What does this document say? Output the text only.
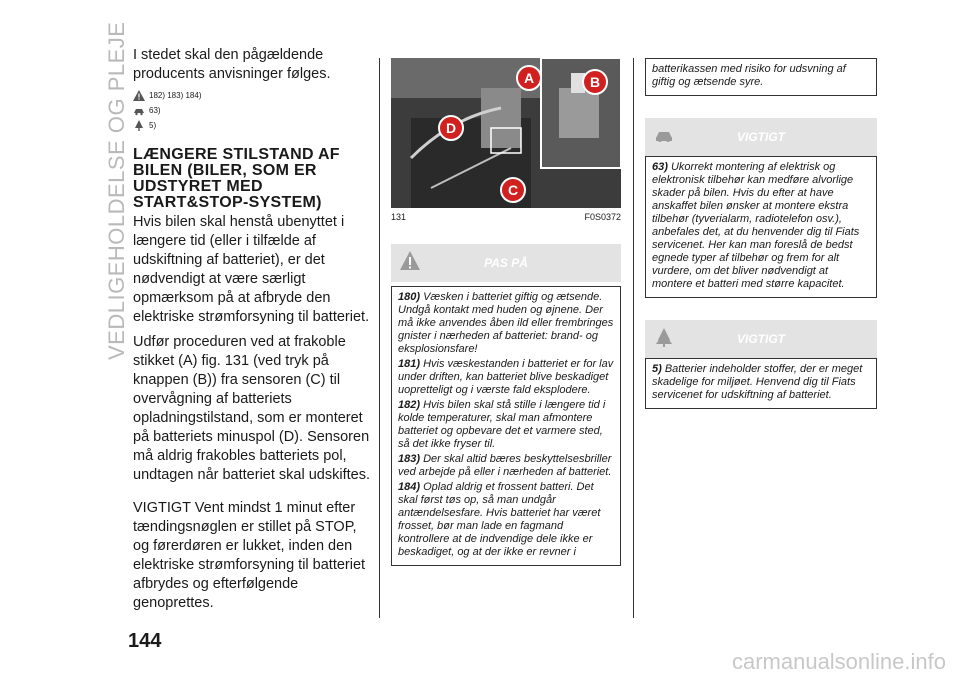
VEDLIGEHOLDELSE OG PLEJE I stedet skal den pågældende producents anvisninger følges.

182) 183) 184)
63)
5)
LÆNGERE STILSTAND AF BILEN (BILER, SOM ER UDSTYRET MED START&STOP-SYSTEM)

Hvis bilen skal henstå ubenyttet i længere tid (eller i tilfælde af udskiftning af batteriet), er det nødvendigt at være særligt opmærksom på at afbryde den elektriske strømforsyning til batteriet.

Udfør proceduren ved at frakoble stikket (A) fig. 131 (ved tryk på knappen (B)) fra sensoren (C) til overvågning af batteriets opladningstilstand, som er monteret på batteriets minuspol (D). Sensoren må aldrig frakobles batteriets pol, undtagen når batteriet skal udskiftes.

VIGTIGT Vent mindst 1 minut efter tændingsnøglen er stillet på STOP, og førerdøren er lukket, inden den elektriske strømforsyning til batteriet afbrydes og efterfølgende genoprettes.

A	B
C
D
131	F0S0372
PAS PÅ

180) Væsken i batteriet giftig og ætsende. Undgå kontakt med huden og øjnene. Der må ikke anvendes åben ild eller frembringes gnister i nærheden af batteriet: brand- og eksplosionsfare!

181) Hvis væskestanden i batteriet er for lav under driften, kan batteriet blive beskadiget uopretteligt og i værste fald eksplodere.

182) Hvis bilen skal stå stille i længere tid i kolde temperaturer, skal man afmontere batteriet og opbevare det et varmere sted, så det ikke fryser til.

183) Der skal altid bæres beskyttelsesbriller ved arbejde på eller i nærheden af batteriet.

184) Oplad aldrig et frossent batteri. Det skal først tøs op, så man undgår antændelsesfare. Hvis batteriet har været frosset, bør man lade en fagmand kontrollere at de indvendige dele ikke er beskadiget, og at der ikke er revner i

batterikassen med risiko for udsvning af giftig og ætsende syre.

VIGTIGT

63) Ukorrekt montering af elektrisk og elektronisk tilbehør kan medføre alvorlige skader på bilen. Hvis du efter at have anskaffet bilen ønsker at montere ekstra tilbehør (tyverialarm, radiotelefon osv.), anbefales det, at du henvender dig til Fiats servicenet. Her kan man foreslå de bedst egnede typer af tilbehør og frem for alt vurdere, om det bliver nødvendigt at montere et batteri med større kapacitet.

VIGTIGT

5) Batterier indeholder stoffer, der er meget skadelige for miljøet. Henvend dig til Fiats servicenet for udskiftning af batteriet.

144
carmanualsonline.info
